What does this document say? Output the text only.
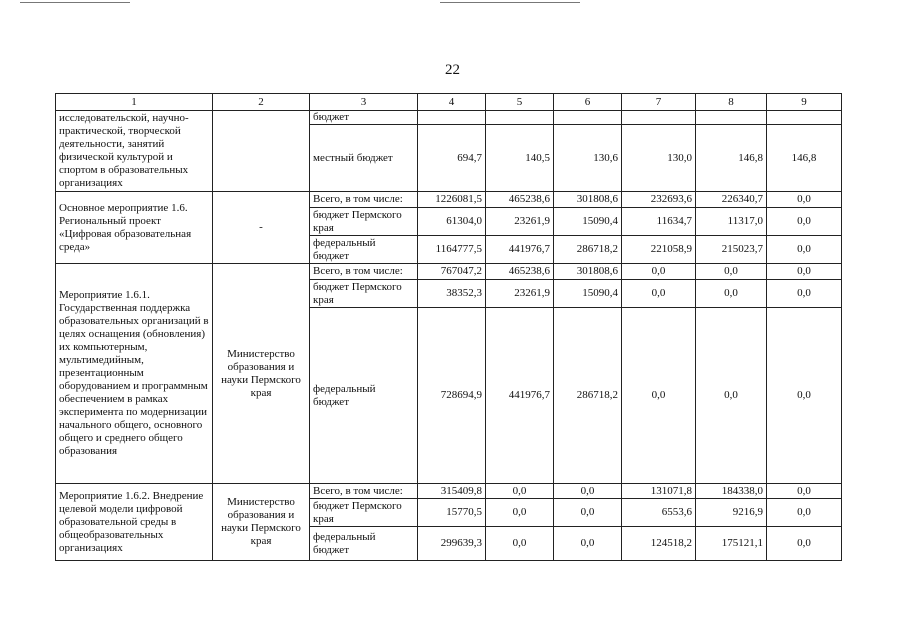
22
1	2	3	4	5	6	7	8	9
исследовательской, научно-практической, творческой деятельности, занятий физической культурой и спортом в образовательных организациях		бюджет						
		местный бюджет	694,7	140,5	130,6	130,0	146,8	146,8
Основное мероприятие 1.6. Региональный проект «Цифровая образовательная среда»	-	Всего, в том числе:	1226081,5	465238,6	301808,6	232693,6	226340,7	0,0
		бюджет Пермского края	61304,0	23261,9	15090,4	11634,7	11317,0	0,0
		федеральный бюджет	1164777,5	441976,7	286718,2	221058,9	215023,7	0,0
Мероприятие 1.6.1. Государственная поддержка образовательных организаций в целях оснащения (обновления) их компьютерным, мультимедийным, презентационным оборудованием и программным обеспечением в рамках эксперимента по модернизации начального общего, основного общего и среднего общего образования	Министерство образования и науки Пермского края	Всего, в том числе:	767047,2	465238,6	301808,6	0,0	0,0	0,0
		бюджет Пермского края	38352,3	23261,9	15090,4	0,0	0,0	0,0
		федеральный бюджет	728694,9	441976,7	286718,2	0,0	0,0	0,0
Мероприятие 1.6.2. Внедрение целевой модели цифровой образовательной среды в общеобразовательных организациях	Министерство образования и науки Пермского края	Всего, в том числе:	315409,8	0,0	0,0	131071,8	184338,0	0,0
		бюджет Пермского края	15770,5	0,0	0,0	6553,6	9216,9	0,0
		федеральный бюджет	299639,3	0,0	0,0	124518,2	175121,1	0,0
